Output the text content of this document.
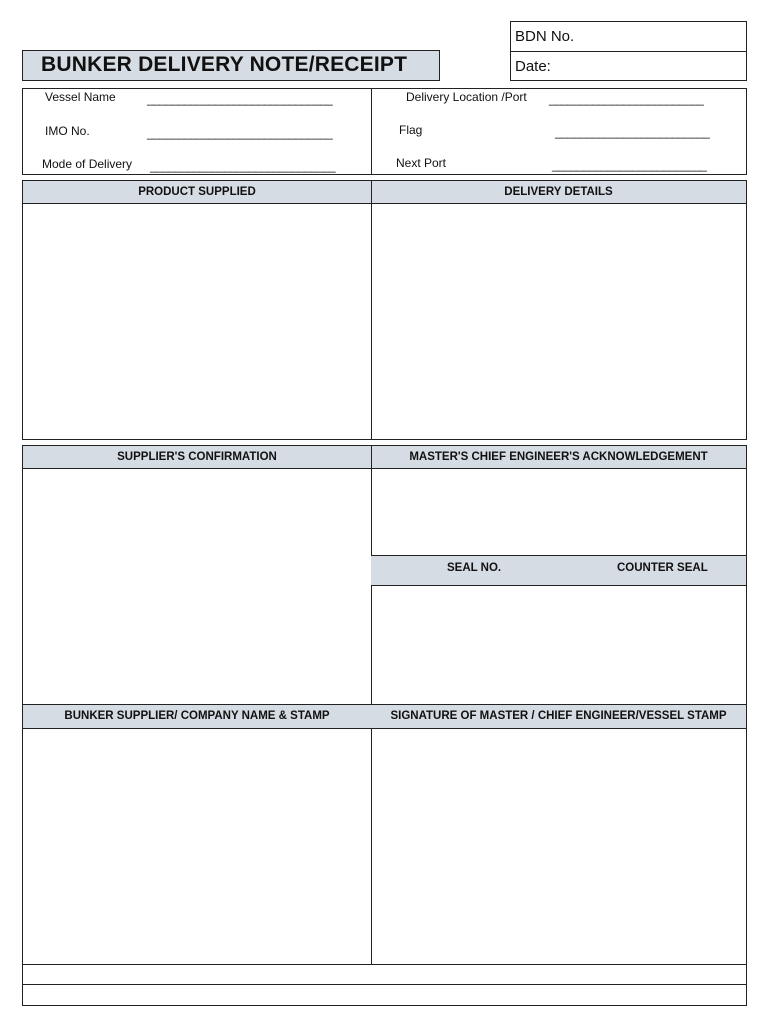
BUNKER DELIVERY NOTE/RECEIPT
BDN No.
Date:
Vessel Name	______________________________
IMO No.	______________________________
Mode of Delivery ______________________________
Delivery Location /Port _________________________
Flag	_________________________
Next Port	_________________________
PRODUCT SUPPLIED	DELIVERY DETAILS
SUPPLIER'S CONFIRMATION	MASTER'S CHIEF ENGINEER'S ACKNOWLEDGEMENT
SEAL NO.	COUNTER SEAL
BUNKER SUPPLIER/ COMPANY NAME & STAMP	SIGNATURE OF MASTER / CHIEF ENGINEER/VESSEL STAMP
